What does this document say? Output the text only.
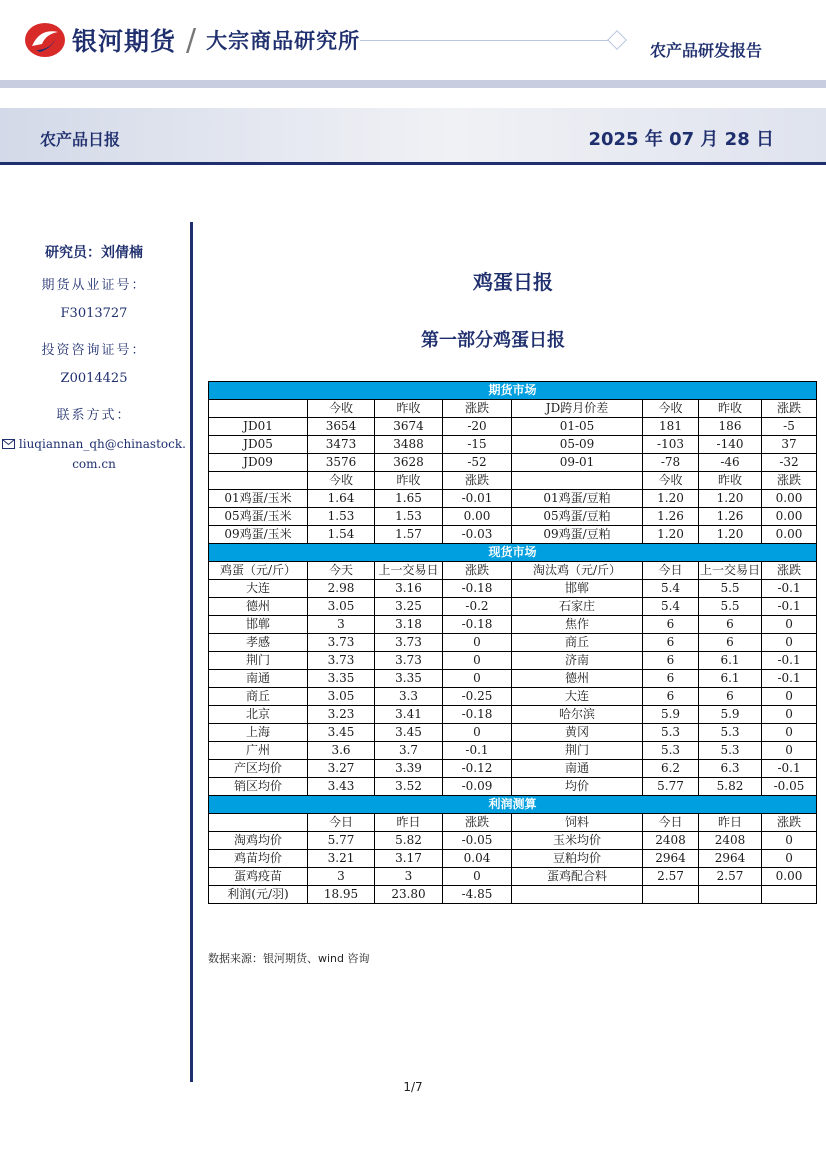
银河期货 / 大宗商品研究所	农产品研发报告
农产品日报	2025 年 07 月 28 日
研究员：刘倩楠
期货从业证号：
F3013727
投资咨询证号：
Z0014425
联系方式：
liuqiannan_qh@chinastock.
com.cn
鸡蛋日报
第一部分鸡蛋日报
期货市场							
	今收	昨收	涨跌	JD跨月价差	今收	昨收	涨跌
JD01	3654	3674	-20	01-05	181	186	-5
JD05	3473	3488	-15	05-09	-103	-140	37
JD09	3576	3628	-52	09-01	-78	-46	-32
	今收	昨收	涨跌		今收	昨收	涨跌
01鸡蛋/玉米	1.64	1.65	-0.01	01鸡蛋/豆粕	1.20	1.20	0.00
05鸡蛋/玉米	1.53	1.53	0.00	05鸡蛋/豆粕	1.26	1.26	0.00
09鸡蛋/玉米	1.54	1.57	-0.03	09鸡蛋/豆粕	1.20	1.20	0.00
现货市场							
鸡蛋（元/斤）	今天	上一交易日	涨跌	淘汰鸡（元/斤）	今日	上一交易日	涨跌
大连	2.98	3.16	-0.18	邯郸	5.4	5.5	-0.1
德州	3.05	3.25	-0.2	石家庄	5.4	5.5	-0.1
邯郸	3	3.18	-0.18	焦作	6	6	0
孝感	3.73	3.73	0	商丘	6	6	0
荆门	3.73	3.73	0	济南	6	6.1	-0.1
南通	3.35	3.35	0	德州	6	6.1	-0.1
商丘	3.05	3.3	-0.25	大连	6	6	0
北京	3.23	3.41	-0.18	哈尔滨	5.9	5.9	0
上海	3.45	3.45	0	黄冈	5.3	5.3	0
广州	3.6	3.7	-0.1	荆门	5.3	5.3	0
产区均价	3.27	3.39	-0.12	南通	6.2	6.3	-0.1
销区均价	3.43	3.52	-0.09	均价	5.77	5.82	-0.05
利润测算							
	今日	昨日	涨跌	饲料	今日	昨日	涨跌
淘鸡均价	5.77	5.82	-0.05	玉米均价	2408	2408	0
鸡苗均价	3.21	3.17	0.04	豆粕均价	2964	2964	0
蛋鸡疫苗	3	3	0	蛋鸡配合料	2.57	2.57	0.00
利润(元/羽)	18.95	23.80	-4.85				
数据来源：银河期货、wind 咨询
1/7
